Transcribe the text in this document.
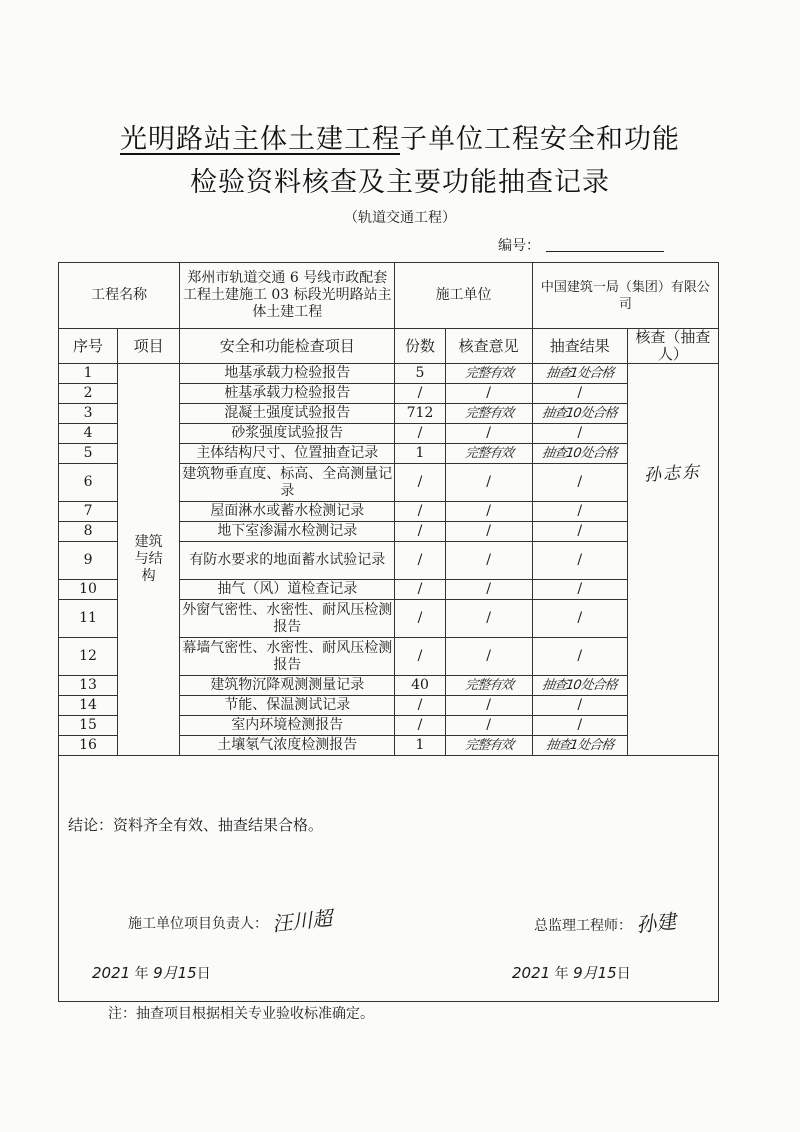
光明路站主体土建工程子单位工程安全和功能
检验资料核查及主要功能抽查记录
（轨道交通工程）
编号：
工程名称		郑州市轨道交通 6 号线市政配套工程土建施工 03 标段光明路站主体土建工程	施工单位		中国建筑一局（集团）有限公司	
序号	项目	安全和功能检查项目	份数	核查意见	抽查结果	核查（抽查人）
1	建筑与结构	地基承载力检验报告	5	完整有效	抽查1处合格	孙志东
2		桩基承载力检验报告	/	/	/	
3		混凝土强度试验报告	712	完整有效	抽查10处合格	
4		砂浆强度试验报告	/	/	/	
5		主体结构尺寸、位置抽查记录	1	完整有效	抽查10处合格	
6		建筑物垂直度、标高、全高测量记录	/	/	/	
7		屋面淋水或蓄水检测记录	/	/	/	
8		地下室渗漏水检测记录	/	/	/	
9		有防水要求的地面蓄水试验记录	/	/	/	
10		抽气（风）道检查记录	/	/	/	
11		外窗气密性、水密性、耐风压检测报告	/	/	/	
12		幕墙气密性、水密性、耐风压检测报告	/	/	/	
13		建筑物沉降观测测量记录	40	完整有效	抽查10处合格	
14		节能、保温测试记录	/	/	/	
15		室内环境检测报告	/	/	/	
16		土壤氡气浓度检测报告	1	完整有效	抽查1处合格	
结论：资料齐全有效、抽查结果合格。
施工单位项目负责人： 汪川超	总监理工程师： 孙建
2021 年 9月15日	2021 年 9月15日
注：抽查项目根据相关专业验收标准确定。
